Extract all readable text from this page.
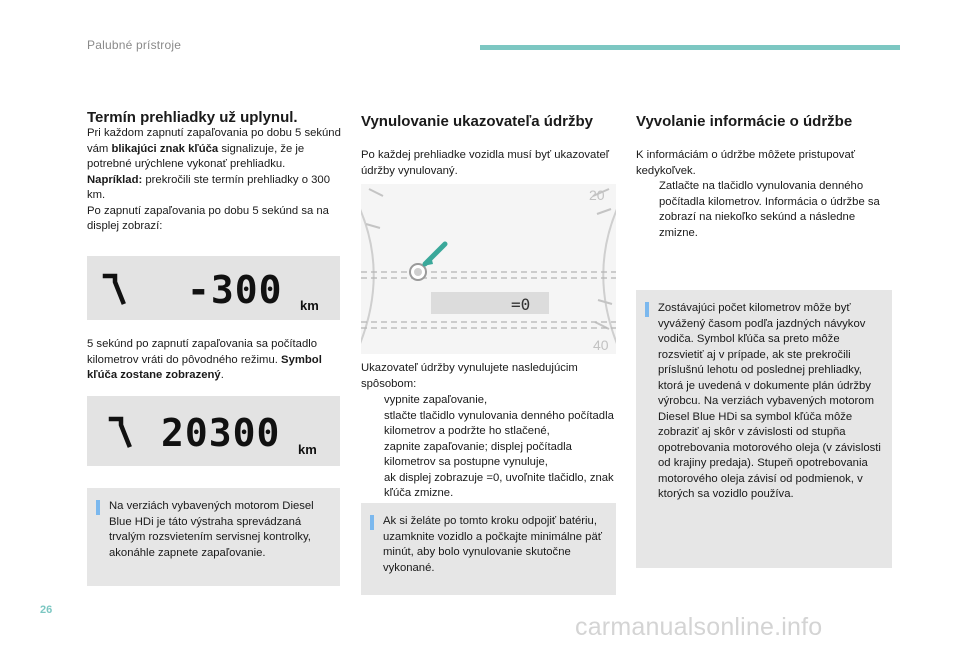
Palubné prístroje
Termín prehliadky už uplynul.

Pri každom zapnutí zapaľovania po dobu 5 sekúnd vám blikajúci znak kľúča signalizuje, že je potrebné urýchlene vykonať prehliadku.
Napríklad: prekročili ste termín prehliadky o 300 km.
Po zapnutí zapaľovania po dobu 5 sekúnd sa na displej zobrazí:

-300 km

5 sekúnd po zapnutí zapaľovania sa počítadlo kilometrov vráti do pôvodného režimu. Symbol kľúča zostane zobrazený.

20300 km

Na verziách vybavených motorom Diesel Blue HDi je táto výstraha sprevádzaná trvalým rozsvietením servisnej kontrolky, akonáhle zapnete zapaľovanie.

Vynulovanie ukazovateľa údržby

Po každej prehliadke vozidla musí byť ukazovateľ údržby vynulovaný.

20
40
=0

Ukazovateľ údržby vynulujete nasledujúcim spôsobom:

vypnite zapaľovanie,
stlačte tlačidlo vynulovania denného počítadla kilometrov a podržte ho stlačené,
zapnite zapaľovanie; displej počítadla kilometrov sa postupne vynuluje,
ak displej zobrazuje =0, uvoľnite tlačidlo, znak kľúča zmizne.

Ak si želáte po tomto kroku odpojiť batériu, uzamknite vozidlo a počkajte minimálne päť minút, aby bolo vynulovanie skutočne vykonané.

Vyvolanie informácie o údržbe

K informáciám o údržbe môžete pristupovať kedykoľvek.

Zatlačte na tlačidlo vynulovania denného počítadla kilometrov. Informácia o údržbe sa zobrazí na niekoľko sekúnd a následne zmizne.

Zostávajúci počet kilometrov môže byť vyvážený časom podľa jazdných návykov vodiča. Symbol kľúča sa preto môže rozsvietiť aj v prípade, ak ste prekročili príslušnú lehotu od poslednej prehliadky, ktorá je uvedená v dokumente plán údržby výrobcu. Na verziách vybavených motorom Diesel Blue HDi sa symbol kľúča môže zobraziť aj skôr v závislosti od stupňa opotrebovania motorového oleja (v závislosti od krajiny predaja). Stupeň opotrebovania motorového oleja závisí od podmienok, v ktorých sa vozidlo používa.

26
carmanualsonline.info
